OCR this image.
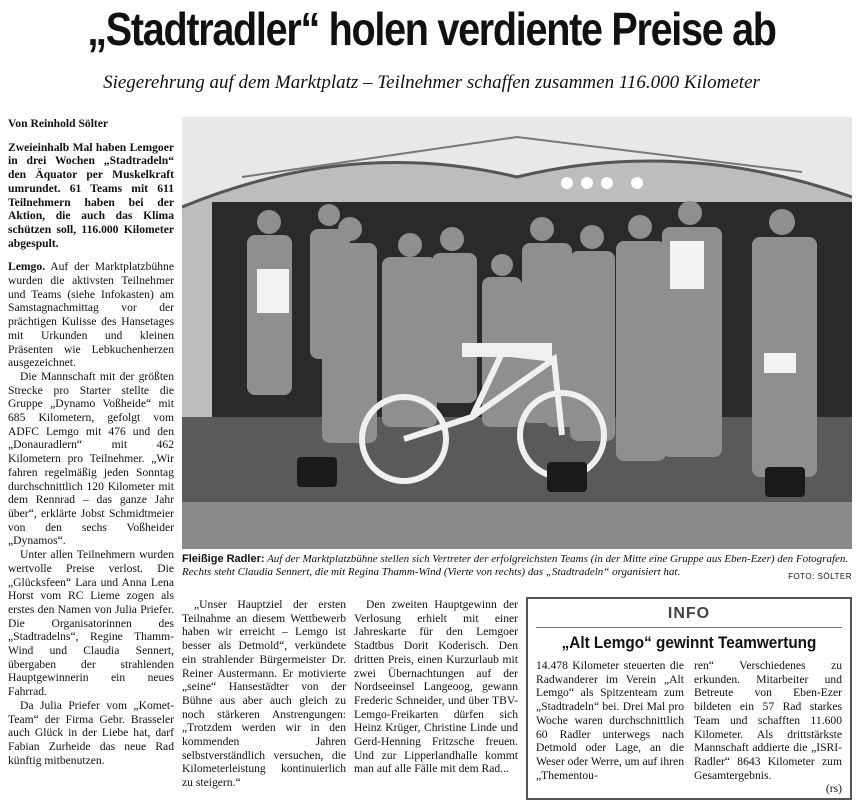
„Stadtradler“ holen verdiente Preise ab
Siegerehrung auf dem Marktplatz – Teilnehmer schaffen zusammen 116.000 Kilometer
Von Reinhold Sölter
Zweieinhalb Mal haben Lemgoer in drei Wochen „Stadtradeln“ den Äquator per Muskelkraft umrundet. 61 Teams mit 611 Teilnehmern haben bei der Aktion, die auch das Klima schützen soll, 116.000 Kilometer abgespult.

Lemgo. Auf der Marktplatzbühne wurden die aktivsten Teilnehmer und Teams (siehe Infokasten) am Samstagnachmittag vor der prächtigen Kulisse des Hansetages mit Urkunden und kleinen Präsenten wie Lebkuchenherzen ausgezeichnet.

Die Mannschaft mit der größten Strecke pro Starter stellte die Gruppe „Dynamo Voßheide“ mit 685 Kilometern, gefolgt vom ADFC Lemgo mit 476 und den „Donauradlern“ mit 462 Kilometern pro Teilnehmer. „Wir fahren regelmäßig jeden Sonntag durchschnittlich 120 Kilometer mit dem Rennrad – das ganze Jahr über“, erklärte Jobst Schmidtmeier von den sechs Voßheider „Dynamos“.

Unter allen Teilnehmern wurden wertvolle Preise verlost. Die „Glücksfeen“ Lara und Anna Lena Horst vom RC Lieme zogen als erstes den Namen von Julia Priefer. Die Organisatorinnen des „Stadtradelns“, Regine Thamm-Wind und Claudia Sennert, übergaben der strahlenden Hauptgewinnerin ein neues Fahrrad.

Da Julia Priefer vom „Komet-Team“ der Firma Gebr. Brasseler auch Glück in der Liebe hat, darf Fabian Zurheide das neue Rad künftig mitbenutzen.

Fleißige Radler: Auf der Marktplatzbühne stellen sich Vertreter der erfolgreichsten Teams (in der Mitte eine Gruppe aus Eben-Ezer) den Fotografen. Rechts steht Claudia Sennert, die mit Regina Thamm-Wind (Vierte von rechts) das „Stadtradeln“ organisiert hat.	FOTO: SÖLTER

„Unser Hauptziel der ersten Teilnahme an diesem Wettbewerb haben wir erreicht – Lemgo ist besser als Detmold“, verkündete ein strahlender Bürgermeister Dr. Reiner Austermann. Er motivierte „seine“ Hansestädter von der Bühne aus aber auch gleich zu noch stärkeren Anstrengungen: „Trotzdem werden wir in den kommenden Jahren selbstverständlich versuchen, die Kilometerleistung kontinuierlich zu steigern.“

Den zweiten Hauptgewinn der Verlosung erhielt mit einer Jahreskarte für den Lemgoer Stadtbus Dorit Koderisch. Den dritten Preis, einen Kurzurlaub mit zwei Übernachtungen auf der Nordseeinsel Langeoog, gewann Frederic Schneider, und über TBV-Lemgo-Freikarten dürfen sich Heinz Krüger, Christine Linde und Gerd-Henning Fritzsche freuen. Und zur Lipperlandhalle kommt man auf alle Fälle mit dem Rad...

INFO
„Alt Lemgo“ gewinnt Teamwertung
14.478 Kilometer steuerten die Radwanderer im Verein „Alt Lemgo“ als Spitzenteam zum „Stadtradeln“ bei. Drei Mal pro Woche waren durchschnittlich 60 Radler unterwegs nach Detmold oder Lage, an die Weser oder Werre, um auf ihren „Thementou-
ren“ Verschiedenes zu erkunden. Mitarbeiter und Betreute von Eben-Ezer bildeten ein 57 Rad starkes Team und schafften 11.600 Kilometer. Als drittstärkste Mannschaft addierte die „ISRI-Radler“ 8643 Kilometer zum Gesamtergebnis.
(rs)
